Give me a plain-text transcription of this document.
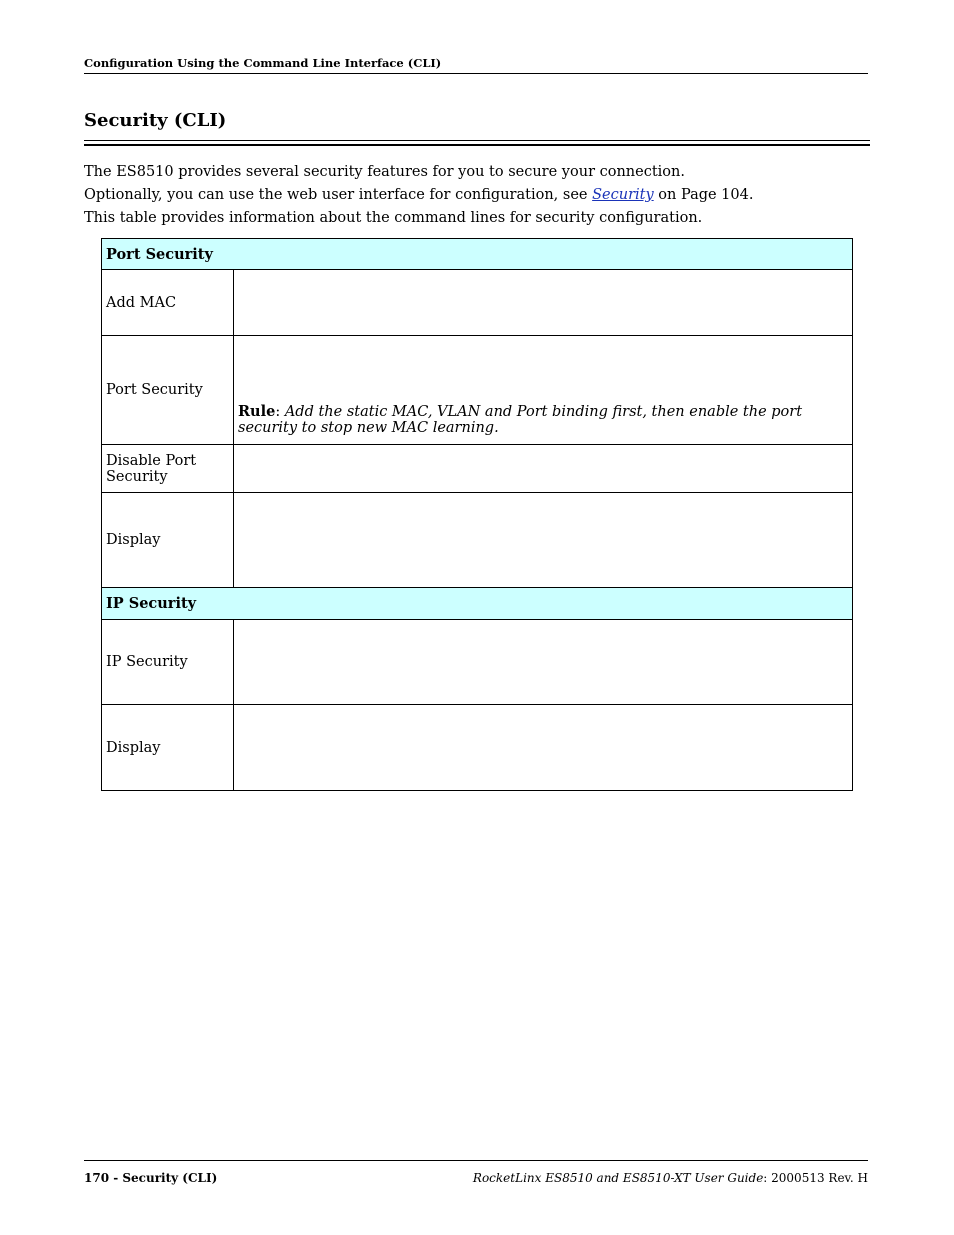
Configuration Using the Command Line Interface (CLI)
Security (CLI)
The ES8510 provides several security features for you to secure your connection.
Optionally, you can use the web user interface for configuration, see Security on Page 104.
This table provides information about the command lines for security configuration.
Port Security	
Add MAC	
Port Security	Rule: Add the static MAC, VLAN and Port binding first, then enable the port security to stop new MAC learning.

Disable Port Security	
Display	
IP Security	
IP Security	
Display	
170 - Security (CLI)	RocketLinx ES8510 and ES8510-XT User Guide: 2000513 Rev. H
